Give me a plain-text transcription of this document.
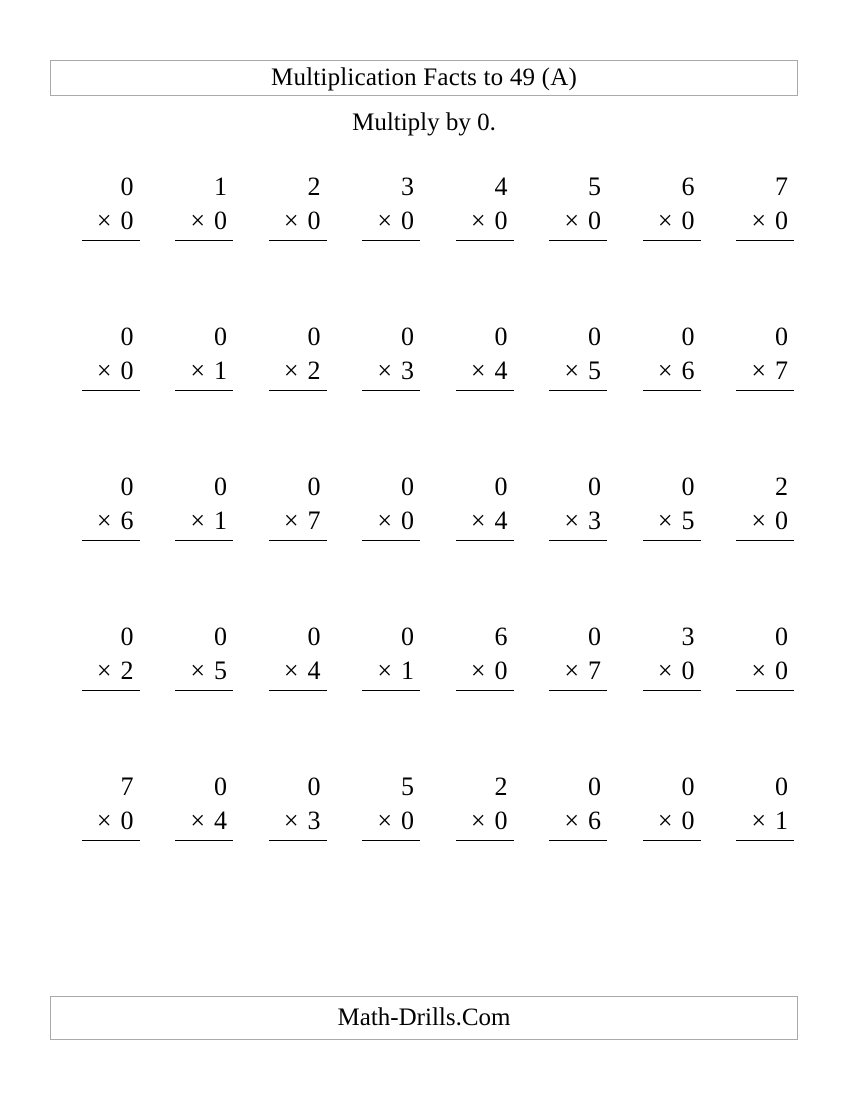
Multiplication Facts to 49 (A)
Multiply by 0.
0
× 0
1
× 0
2
× 0
3
× 0
4
× 0
5
× 0
6
× 0
7
× 0
0
× 0
0
× 1
0
× 2
0
× 3
0
× 4
0
× 5
0
× 6
0
× 7
0
× 6
0
× 1
0
× 7
0
× 0
0
× 4
0
× 3
0
× 5
2
× 0
0
× 2
0
× 5
0
× 4
0
× 1
6
× 0
0
× 7
3
× 0
0
× 0
7
× 0
0
× 4
0
× 3
5
× 0
2
× 0
0
× 6
0
× 0
0
× 1
Math-Drills.Com
